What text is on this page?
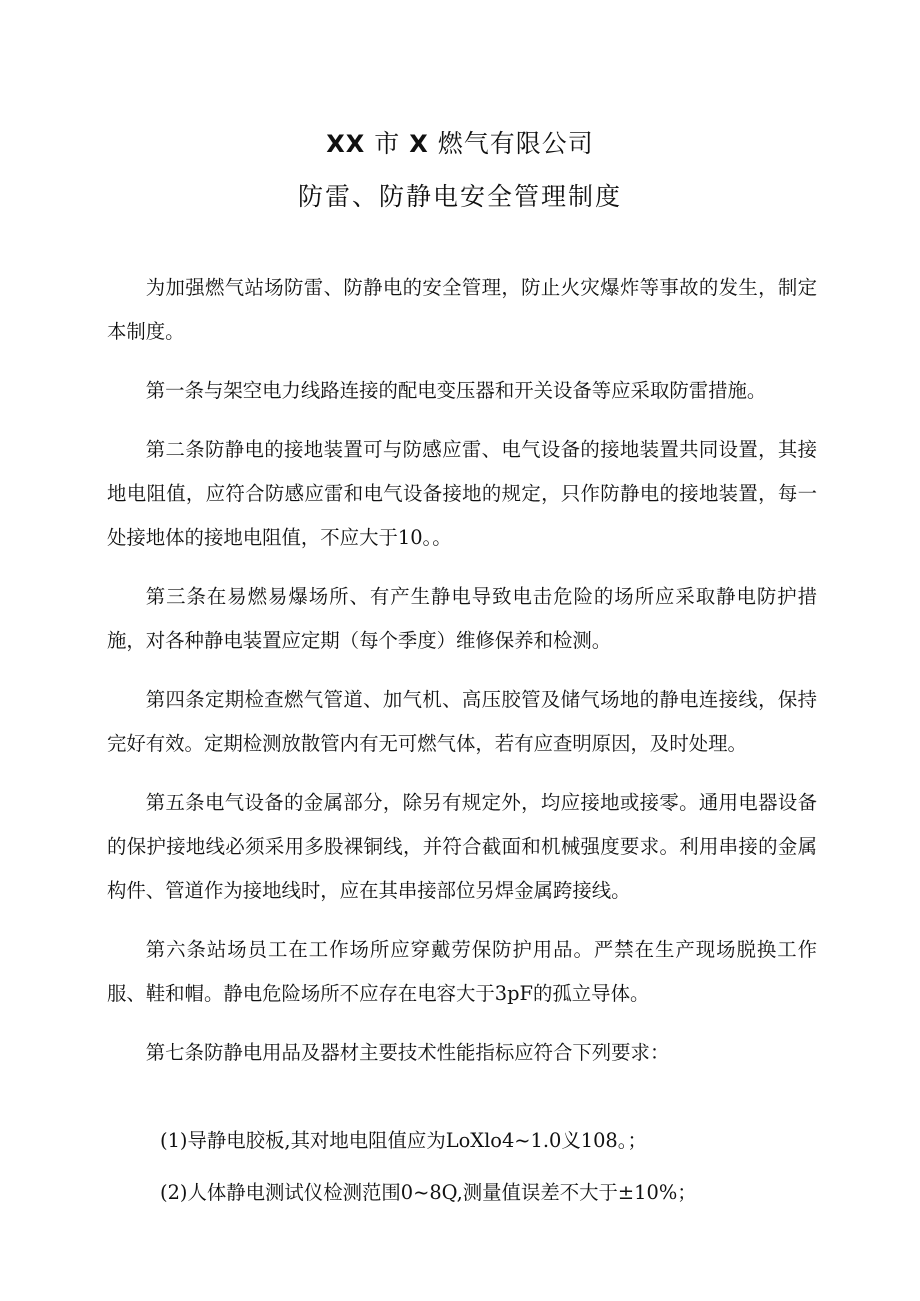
XX 市 X 燃气有限公司
防雷、防静电安全管理制度

为加强燃气站场防雷、防静电的安全管理，防止火灾爆炸等事故的发生，制定本制度。

第一条与架空电力线路连接的配电变压器和开关设备等应采取防雷措施。

第二条防静电的接地装置可与防感应雷、电气设备的接地装置共同设置，其接地电阻值，应符合防感应雷和电气设备接地的规定，只作防静电的接地装置，每一处接地体的接地电阻值，不应大于10。。

第三条在易燃易爆场所、有产生静电导致电击危险的场所应采取静电防护措施，对各种静电装置应定期（每个季度）维修保养和检测。

第四条定期检查燃气管道、加气机、高压胶管及储气场地的静电连接线，保持完好有效。定期检测放散管内有无可燃气体，若有应查明原因，及时处理。

第五条电气设备的金属部分，除另有规定外，均应接地或接零。通用电器设备的保护接地线必须采用多股裸铜线，并符合截面和机械强度要求。利用串接的金属构件、管道作为接地线时，应在其串接部位另焊金属跨接线。

第六条站场员工在工作场所应穿戴劳保防护用品。严禁在生产现场脱换工作服、鞋和帽。静电危险场所不应存在电容大于3pF的孤立导体。

第七条防静电用品及器材主要技术性能指标应符合下列要求：

(1)导静电胶板,其对地电阻值应为LoXlo4~1.0义108。；
(2)人体静电测试仪检测范围0~8Q,测量值误差不大于±10%；
